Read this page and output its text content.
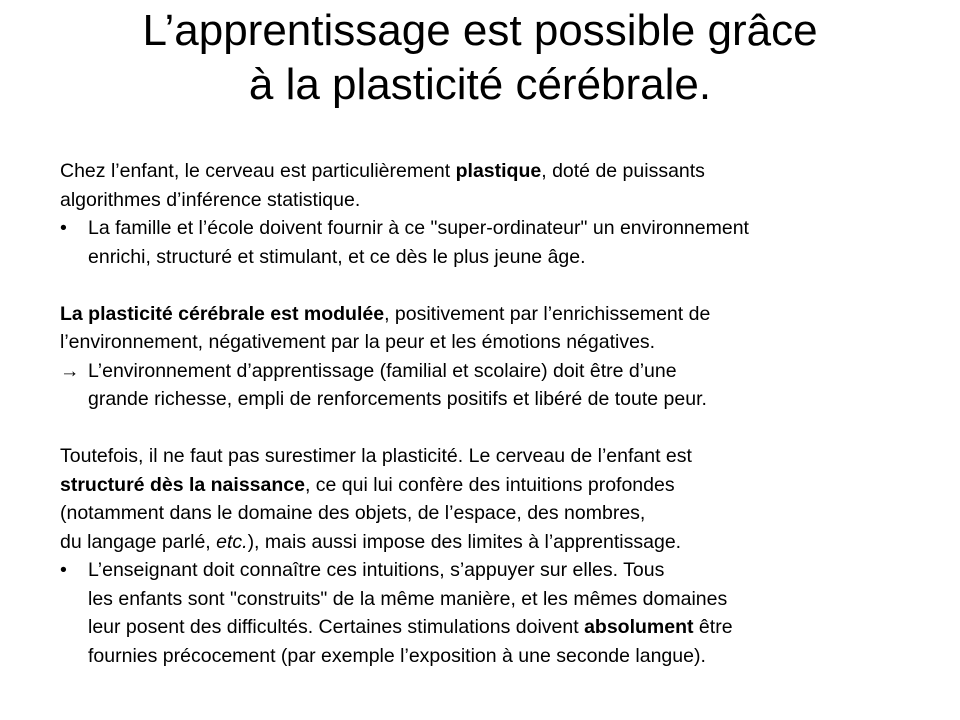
L’apprentissage est possible grâce
à la plasticité cérébrale.
Chez l’enfant, le cerveau est particulièrement plastique, doté de puissants
algorithmes d’inférence statistique.
• La famille et l’école doivent fournir à ce "super-ordinateur" un environnement
enrichi, structuré et stimulant, et ce dès le plus jeune âge.
La plasticité cérébrale est modulée, positivement par l’enrichissement de
l’environnement, négativement par la peur et les émotions négatives.
→ L’environnement d’apprentissage (familial et scolaire) doit être d’une
grande richesse, empli de renforcements positifs et libéré de toute peur.
Toutefois, il ne faut pas surestimer la plasticité. Le cerveau de l’enfant est
structuré dès la naissance, ce qui lui confère des intuitions profondes
(notamment dans le domaine des objets, de l’espace, des nombres,
du langage parlé, etc.), mais aussi impose des limites à l’apprentissage.
• L’enseignant doit connaître ces intuitions, s’appuyer sur elles. Tous
les enfants sont "construits" de la même manière, et les mêmes domaines
leur posent des difficultés. Certaines stimulations doivent absolument être
fournies précocement (par exemple l’exposition à une seconde langue).
